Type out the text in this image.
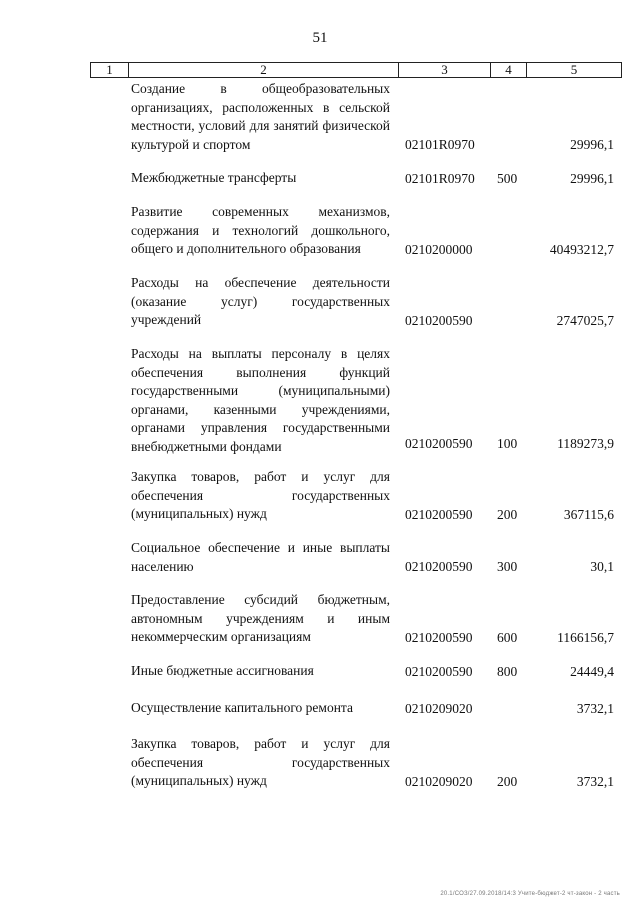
51
1	2	3	4	5
Создание в общеобразовательных организациях, расположенных в сельской местности, условий для занятий физической культурой и спортом	02101R0970	29996,1
Межбюджетные трансферты	02101R0970 500	29996,1
Развитие современных механизмов, содержания и технологий дошкольного, общего и дополнительного образования	0210200000	40493212,7
Расходы на обеспечение деятельности (оказание услуг) государственных учреждений	0210200590	2747025,7
Расходы на выплаты персоналу в целях обеспечения выполнения функций государственными (муниципальными) органами, казенными учреждениями, органами управления государственными внебюджетными фондами	0210200590 100	1189273,9
Закупка товаров, работ и услуг для обеспечения государственных (муниципальных) нужд	0210200590 200	367115,6
Социальное обеспечение и иные выплаты населению	0210200590 300	30,1
Предоставление субсидий бюджетным, автономным учреждениям и иным некоммерческим организациям	0210200590 600	1166156,7
Иные бюджетные ассигнования	0210200590 800	24449,4
Осуществление капитального ремонта	0210209020	3732,1
Закупка товаров, работ и услуг для обеспечения государственных (муниципальных) нужд	0210209020 200	3732,1
20.1/СОЗ/27.09.2018/14:3 Учите-бюджет-2 чт-закон - 2 часть
